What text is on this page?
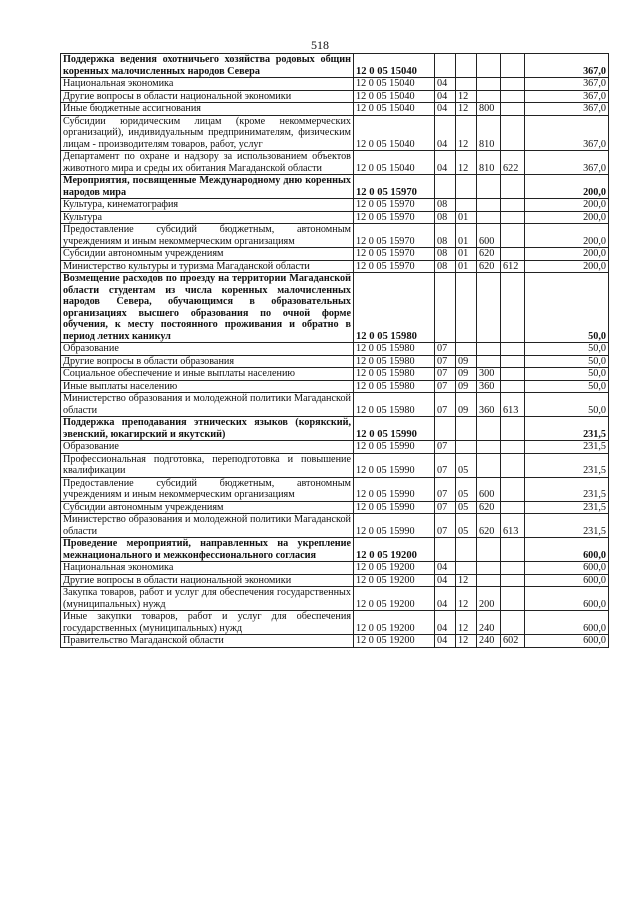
518
Поддержка ведения охотничьего хозяйства родовых общин коренных малочисленных народов Севера	12 0 05 15040					367,0
Национальная экономика	12 0 05 15040	04				367,0
Другие вопросы в области национальной экономики	12 0 05 15040	04	12			367,0
Иные бюджетные ассигнования	12 0 05 15040	04	12	800		367,0
Субсидии юридическим лицам (кроме некоммерческих организаций), индивидуальным предпринимателям, физическим лицам - производителям товаров, работ, услуг	12 0 05 15040	04	12	810		367,0
Департамент по охране и надзору за использованием объектов животного мира и среды их обитания Магаданской области	12 0 05 15040	04	12	810	622	367,0
Мероприятия, посвященные Международному дню коренных народов мира	12 0 05 15970					200,0
Культура, кинематография	12 0 05 15970	08				200,0
Культура	12 0 05 15970	08	01			200,0
Предоставление субсидий бюджетным, автономным учреждениям и иным некоммерческим организациям	12 0 05 15970	08	01	600		200,0
Субсидии автономным учреждениям	12 0 05 15970	08	01	620		200,0
Министерство культуры и туризма Магаданской области	12 0 05 15970	08	01	620	612	200,0
Возмещение расходов по проезду на территории Магаданской области студентам из числа коренных малочисленных народов Севера, обучающимся в образовательных организациях высшего образования по очной форме обучения, к месту постоянного проживания и обратно в период летних каникул	12 0 05 15980					50,0
Образование	12 0 05 15980	07				50,0
Другие вопросы в области образования	12 0 05 15980	07	09			50,0
Социальное обеспечение и иные выплаты населению	12 0 05 15980	07	09	300		50,0
Иные выплаты населению	12 0 05 15980	07	09	360		50,0
Министерство образования и молодежной политики Магаданской области	12 0 05 15980	07	09	360	613	50,0
Поддержка преподавания этнических языков (корякский, эвенский, юкагирский и якутский)	12 0 05 15990					231,5
Образование	12 0 05 15990	07				231,5
Профессиональная подготовка, переподготовка и повышение квалификации	12 0 05 15990	07	05			231,5
Предоставление субсидий бюджетным, автономным учреждениям и иным некоммерческим организациям	12 0 05 15990	07	05	600		231,5
Субсидии автономным учреждениям	12 0 05 15990	07	05	620		231,5
Министерство образования и молодежной политики Магаданской области	12 0 05 15990	07	05	620	613	231,5
Проведение мероприятий, направленных на укрепление межнационального и межконфессионального согласия	12 0 05 19200					600,0
Национальная экономика	12 0 05 19200	04				600,0
Другие вопросы в области национальной экономики	12 0 05 19200	04	12			600,0
Закупка товаров, работ и услуг для обеспечения государственных (муниципальных) нужд	12 0 05 19200	04	12	200		600,0
Иные закупки товаров, работ и услуг для обеспечения государственных (муниципальных) нужд	12 0 05 19200	04	12	240		600,0
Правительство Магаданской области	12 0 05 19200	04	12	240	602	600,0
